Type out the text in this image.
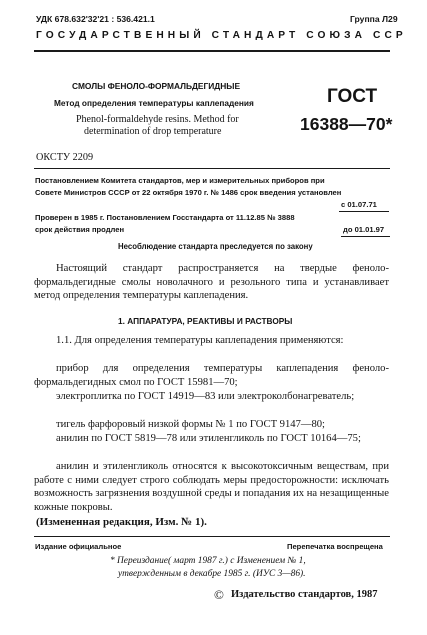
УДК 678.632'32'21 : 536.421.1	Группа Л29
ГОСУДАРСТВЕННЫЙ СТАНДАРТ СОЮЗА ССР
СМОЛЫ ФЕНОЛО-ФОРМАЛЬДЕГИДНЫЕ
Метод определения температуры каплепадения
Phenol-formaldehyde resins. Method for
determination of drop temperature
ГОСТ
16388—70*
ОКСТУ 2209
Постановлением Комитета стандартов, мер и измерительных приборов при
Совете Министров СССР от 22 октября 1970 г. № 1486 срок введения установлен
с 01.07.71
Проверен в 1985 г. Постановлением Госстандарта от 11.12.85 № 3888
срок действия продлен	до 01.01.97
Несоблюдение стандарта преследуется по закону
Настоящий стандарт распространяется на твердые феноло-формальдегидные смолы новолачного и резольного типа и устанавливает метод определения температуры каплепадения.
1. АППАРАТУРА, РЕАКТИВЫ И РАСТВОРЫ
1.1. Для определения температуры каплепадения применяются:
прибор для определения температуры каплепадения феноло-формальдегидных смол по ГОСТ 15981—70;
электроплитка по ГОСТ 14919—83 или электроколбонагреватель;
тигель фарфоровый низкой формы № 1 по ГОСТ 9147—80;
анилин по ГОСТ 5819—78 или этиленгликоль по ГОСТ 10164—75;
анилин и этиленгликоль относятся к высокотоксичным веществам, при работе с ними следует строго соблюдать меры предосторожности: исключать возможность загрязнения воздушной среды и попадания их на незащищенные кожные покровы.
(Измененная редакция, Изм. № 1).
Издание официальное	Перепечатка воспрещена
* Переиздание( март 1987 г.) с Изменением № 1,
утвержденным в декабре 1985 г. (ИУС 3—86).
© Издательство стандартов, 1987
